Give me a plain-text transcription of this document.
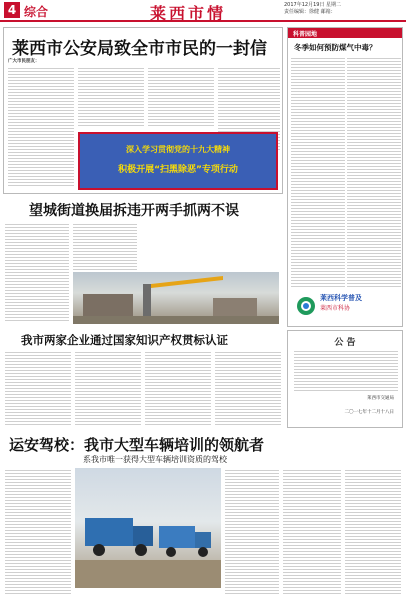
4 综合	莱西市情	2017年12月19日 星期二
责任编辑：徐健 邮箱：
莱西市公安局致全市市民的一封信
广大市民朋友：
深入学习贯彻党的十九大精神
积极开展“扫黑除恶”专项行动
望城街道换届拆违开两手抓两不误
科普园地
冬季如何预防煤气中毒？
莱西科学普及
莱西市科协
我市两家企业通过国家知识产权贯标认证	公 告
莱西市交通局
二〇一七年十二月十八日
运安驾校：我市大型车辆培训的领航者
系我市唯一获得大型车辆培训资质的驾校
